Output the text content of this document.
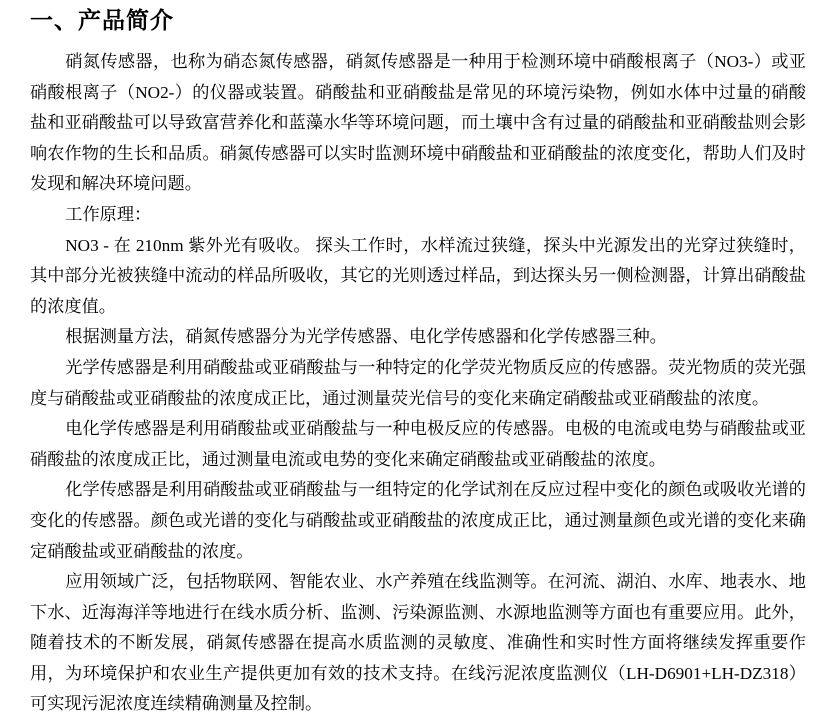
一、产品简介

硝氮传感器，也称为硝态氮传感器，硝氮传感器是一种用于检测环境中硝酸根离子（NO3-）或亚硝酸根离子（NO2-）的仪器或装置。硝酸盐和亚硝酸盐是常见的环境污染物，例如水体中过量的硝酸盐和亚硝酸盐可以导致富营养化和蓝藻水华等环境问题，而土壤中含有过量的硝酸盐和亚硝酸盐则会影响农作物的生长和品质。硝氮传感器可以实时监测环境中硝酸盐和亚硝酸盐的浓度变化，帮助人们及时发现和解决环境问题。

工作原理：

NO3 - 在 210nm 紫外光有吸收。 探头工作时，水样流过狭缝，探头中光源发出的光穿过狭缝时，其中部分光被狭缝中流动的样品所吸收，其它的光则透过样品，到达探头另一侧检测器，计算出硝酸盐的浓度值。

根据测量方法，硝氮传感器分为光学传感器、电化学传感器和化学传感器三种。

光学传感器是利用硝酸盐或亚硝酸盐与一种特定的化学荧光物质反应的传感器。荧光物质的荧光强度与硝酸盐或亚硝酸盐的浓度成正比，通过测量荧光信号的变化来确定硝酸盐或亚硝酸盐的浓度。

电化学传感器是利用硝酸盐或亚硝酸盐与一种电极反应的传感器。电极的电流或电势与硝酸盐或亚硝酸盐的浓度成正比，通过测量电流或电势的变化来确定硝酸盐或亚硝酸盐的浓度。

化学传感器是利用硝酸盐或亚硝酸盐与一组特定的化学试剂在反应过程中变化的颜色或吸收光谱的变化的传感器。颜色或光谱的变化与硝酸盐或亚硝酸盐的浓度成正比，通过测量颜色或光谱的变化来确定硝酸盐或亚硝酸盐的浓度。

应用领域广泛，包括物联网、智能农业、水产养殖在线监测等。在河流、湖泊、水库、地表水、地下水、近海海洋等地进行在线水质分析、监测、污染源监测、水源地监测等方面也有重要应用。此外，随着技术的不断发展，硝氮传感器在提高水质监测的灵敏度、准确性和实时性方面将继续发挥重要作用，为环境保护和农业生产提供更加有效的技术支持。在线污泥浓度监测仪（LH-D6901+LH-DZ318）可实现污泥浓度连续精确测量及控制。
